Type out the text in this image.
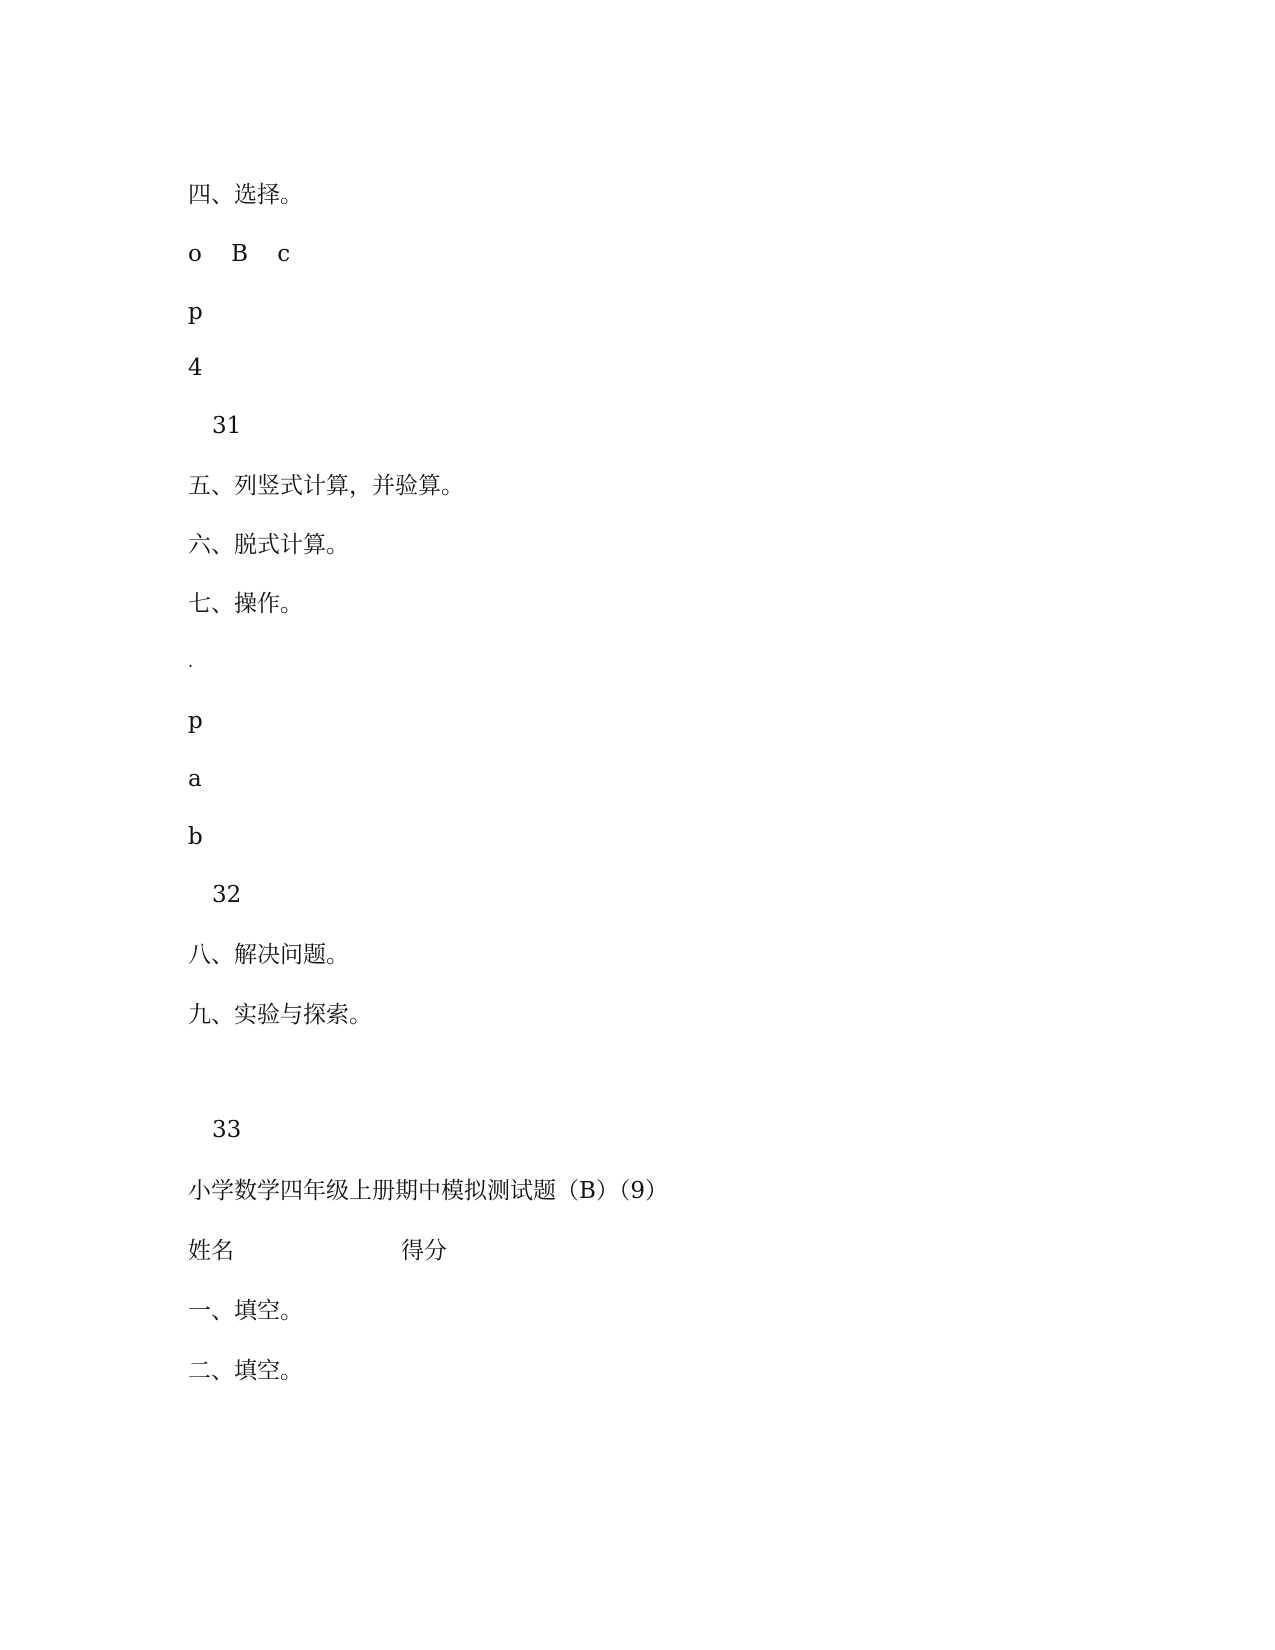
四、选择。

o    B    c

p

4

31

五、列竖式计算，并验算。

六、脱式计算。

七、操作。

.

p

a

b

32

八、解决问题。

九、实验与探索。

33

小学数学四年级上册期中模拟测试题（B）（9）

姓名	得分

一、填空。

二、填空。
